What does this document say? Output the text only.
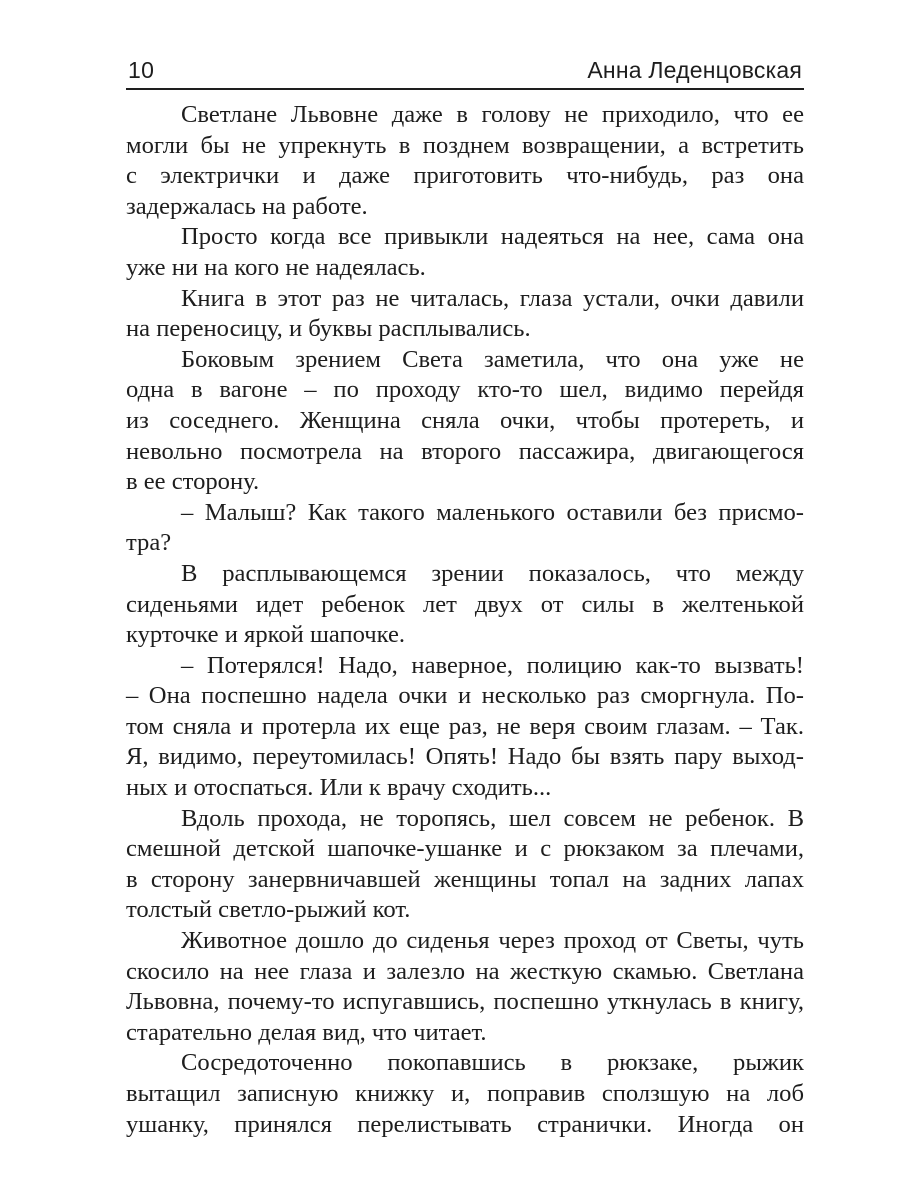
10	Анна Леденцовская
Светлане Львовне даже в голову не приходило, что ее
могли бы не упрекнуть в позднем возвращении, а встретить
с электрички и даже приготовить что-нибудь, раз она
задержалась на работе.
Просто когда все привыкли надеяться на нее, сама она
уже ни на кого не надеялась.
Книга в этот раз не читалась, глаза устали, очки давили
на переносицу, и буквы расплывались.
Боковым зрением Света заметила, что она уже не
одна в вагоне – по проходу кто-то шел, видимо перейдя
из соседнего. Женщина сняла очки, чтобы протереть, и
невольно посмотрела на второго пассажира, двигающегося
в ее сторону.
– Малыш? Как такого маленького оставили без присмо-
тра?
В расплывающемся зрении показалось, что между
сиденьями идет ребенок лет двух от силы в желтенькой
курточке и яркой шапочке.
– Потерялся! Надо, наверное, полицию как-то вызвать!
– Она поспешно надела очки и несколько раз сморгнула. По-
том сняла и протерла их еще раз, не веря своим глазам. – Так.
Я, видимо, переутомилась! Опять! Надо бы взять пару выход-
ных и отоспаться. Или к врачу сходить...
Вдоль прохода, не торопясь, шел совсем не ребенок. В
смешной детской шапочке-ушанке и с рюкзаком за плечами,
в сторону занервничавшей женщины топал на задних лапах
толстый светло-рыжий кот.
Животное дошло до сиденья через проход от Светы, чуть
скосило на нее глаза и залезло на жесткую скамью. Светлана
Львовна, почему-то испугавшись, поспешно уткнулась в книгу,
старательно делая вид, что читает.
Сосредоточенно покопавшись в рюкзаке, рыжик
вытащил записную книжку и, поправив сползшую на лоб
ушанку, принялся перелистывать странички. Иногда он
